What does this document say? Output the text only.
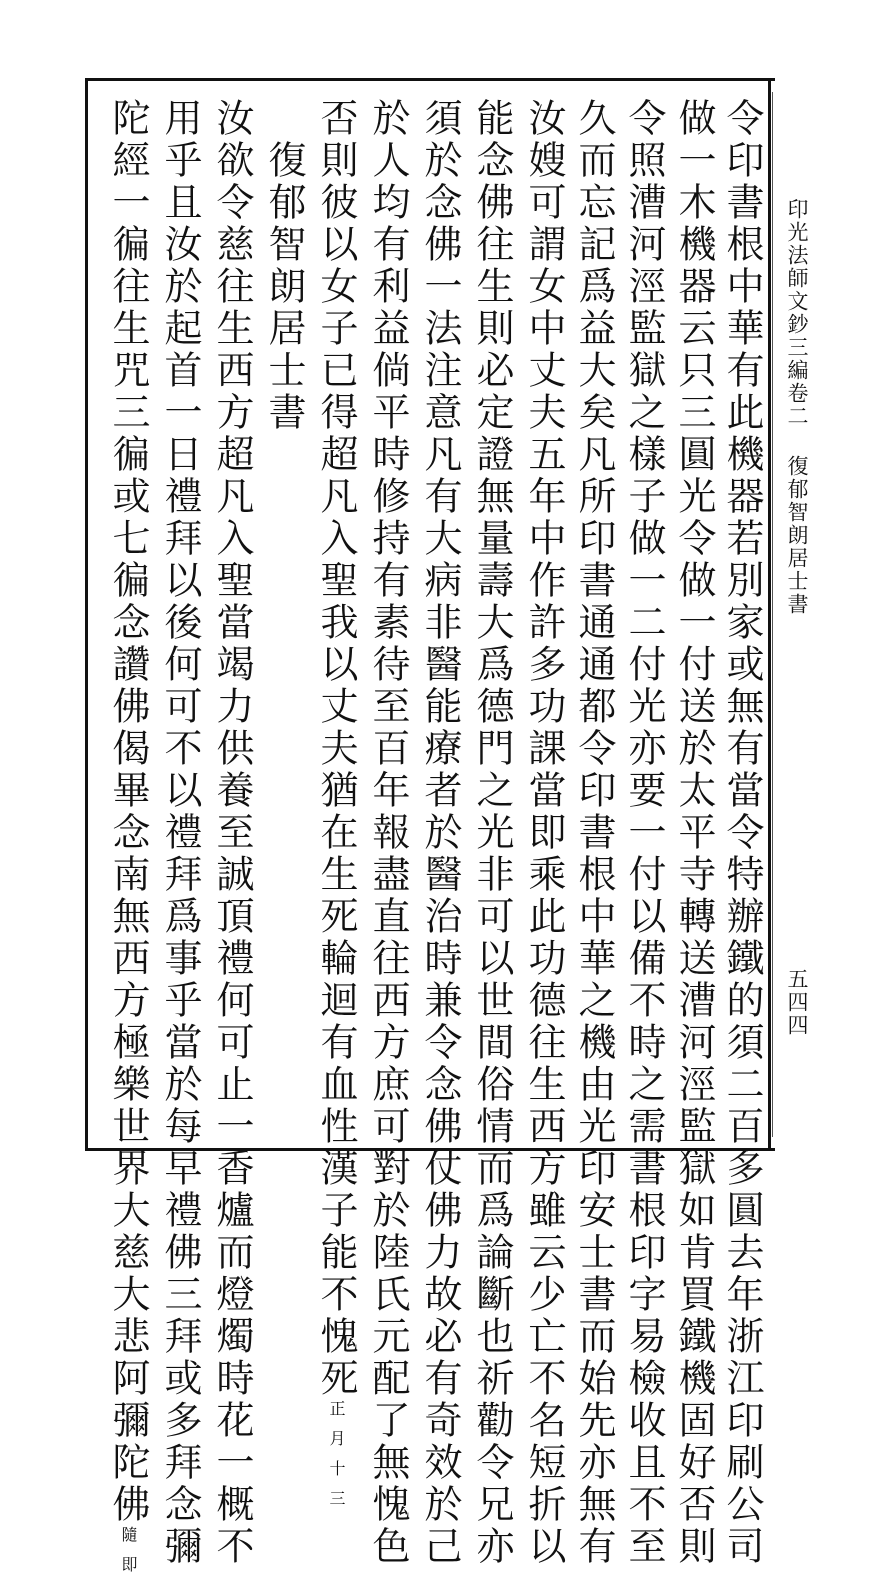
印光法師文鈔三編卷二
復郁智朗居士書
五四四
令印書根中華有此機器若別家或無有當令特辦鐵的須二百多圓去年浙江印刷公司
做一木機器云只三圓光令做一付送於太平寺轉送漕河涇監獄如肯買鐵機固好否則
令照漕河涇監獄之樣子做一二付光亦要一付以備不時之需書根印字易檢收且不至
久而忘記爲益大矣凡所印書通通都令印書根中華之機由光印安士書而始先亦無有
汝嫂可謂女中丈夫五年中作許多功課當即乘此功德往生西方雖云少亡不名短折以
能念佛往生則必定證無量壽大爲德門之光非可以世間俗情而爲論斷也祈勸令兄亦
須於念佛一法注意凡有大病非醫能療者於醫治時兼令念佛仗佛力故必有奇效於己
於人均有利益倘平時修持有素待至百年報盡直往西方庶可對於陸氏元配了無愧色
否則彼以女子已得超凡入聖我以丈夫猶在生死輪迴有血性漢子能不愧死正月十三
復郁智朗居士書
汝欲令慈往生西方超凡入聖當竭力供養至誠頂禮何可止一香爐而燈燭時花一概不
用乎且汝於起首一日禮拜以後何可不以禮拜爲事乎當於每早禮佛三拜或多拜念彌
陀經一徧往生咒三徧或七徧念讚佛偈畢念南無西方極樂世界大慈大悲阿彌陀佛隨即
